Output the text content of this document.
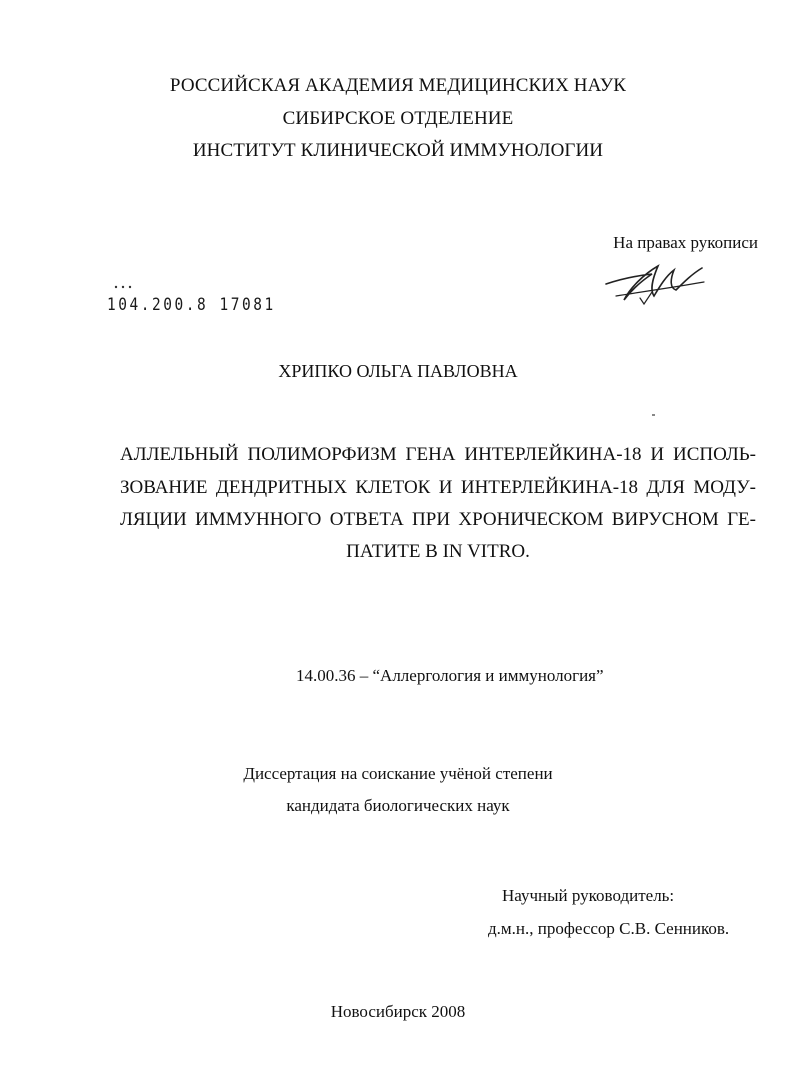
РОССИЙСКАЯ АКАДЕМИЯ МЕДИЦИНСКИХ НАУК
СИБИРСКОЕ ОТДЕЛЕНИЕ
ИНСТИТУТ КЛИНИЧЕСКОЙ ИММУНОЛОГИИ
На правах рукописи
104.200.8 17081
ХРИПКО ОЛЬГА ПАВЛОВНА
АЛЛЕЛЬНЫЙ ПОЛИМОРФИЗМ ГЕНА ИНТЕРЛЕЙКИНА-18 И ИСПОЛЬ-
ЗОВАНИЕ ДЕНДРИТНЫХ КЛЕТОК И ИНТЕРЛЕЙКИНА-18 ДЛЯ МОДУ-
ЛЯЦИИ ИММУННОГО ОТВЕТА ПРИ ХРОНИЧЕСКОМ ВИРУСНОМ ГЕ-
ПАТИТЕ В IN VITRO.
14.00.36 – “Аллергология и иммунология”
Диссертация на соискание учёной степени
кандидата биологических наук
Научный руководитель:
д.м.н., профессор С.В. Сенников.
Новосибирск 2008
